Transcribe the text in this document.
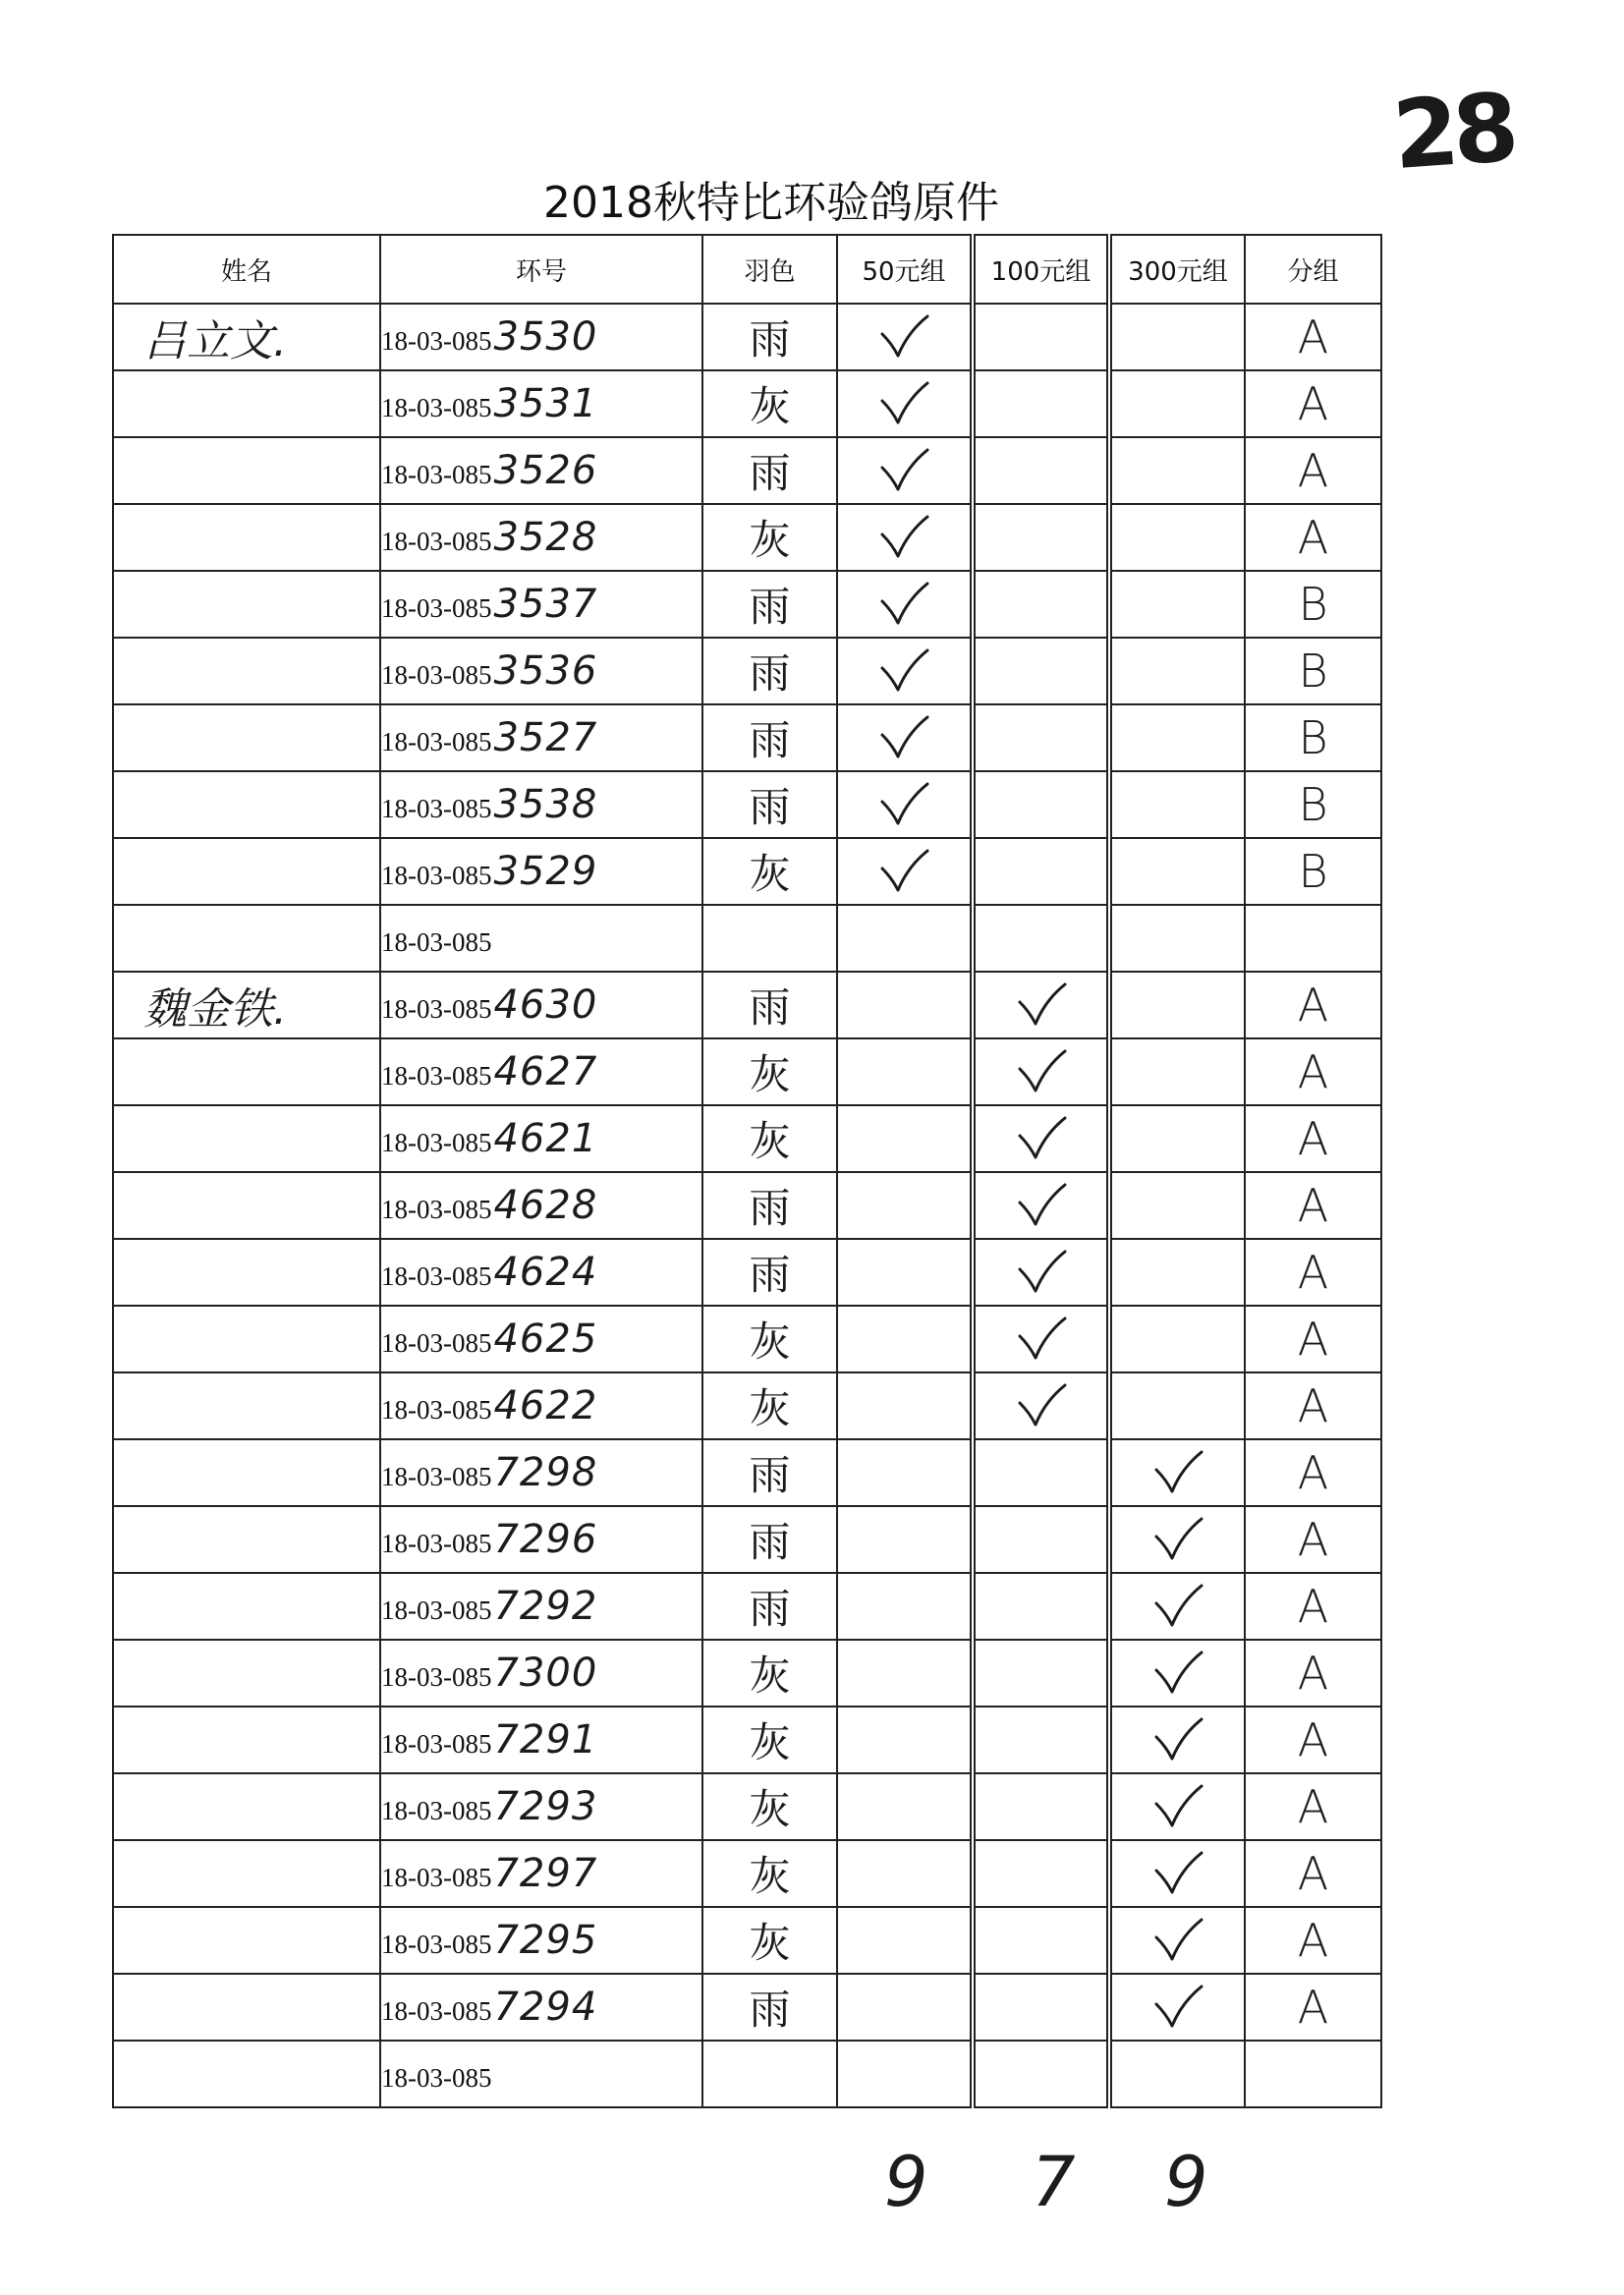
28
2018秋特比环验鸽原件
姓名	环号	羽色	50元组	100元组	300元组	分组
吕立文.	18-03-0853530	雨				A
	18-03-0853531	灰				A
	18-03-0853526	雨				A
	18-03-0853528	灰				A
	18-03-0853537	雨				B
	18-03-0853536	雨				B
	18-03-0853527	雨				B
	18-03-0853538	雨				B
	18-03-0853529	灰				B
	18-03-085					
魏金铁.	18-03-0854630	雨				A
	18-03-0854627	灰				A
	18-03-0854621	灰				A
	18-03-0854628	雨				A
	18-03-0854624	雨				A
	18-03-0854625	灰				A
	18-03-0854622	灰				A
	18-03-0857298	雨				A
	18-03-0857296	雨				A
	18-03-0857292	雨				A
	18-03-0857300	灰				A
	18-03-0857291	灰				A
	18-03-0857293	灰				A
	18-03-0857297	灰				A
	18-03-0857295	灰				A
	18-03-0857294	雨				A
	18-03-085					
9 7 9
